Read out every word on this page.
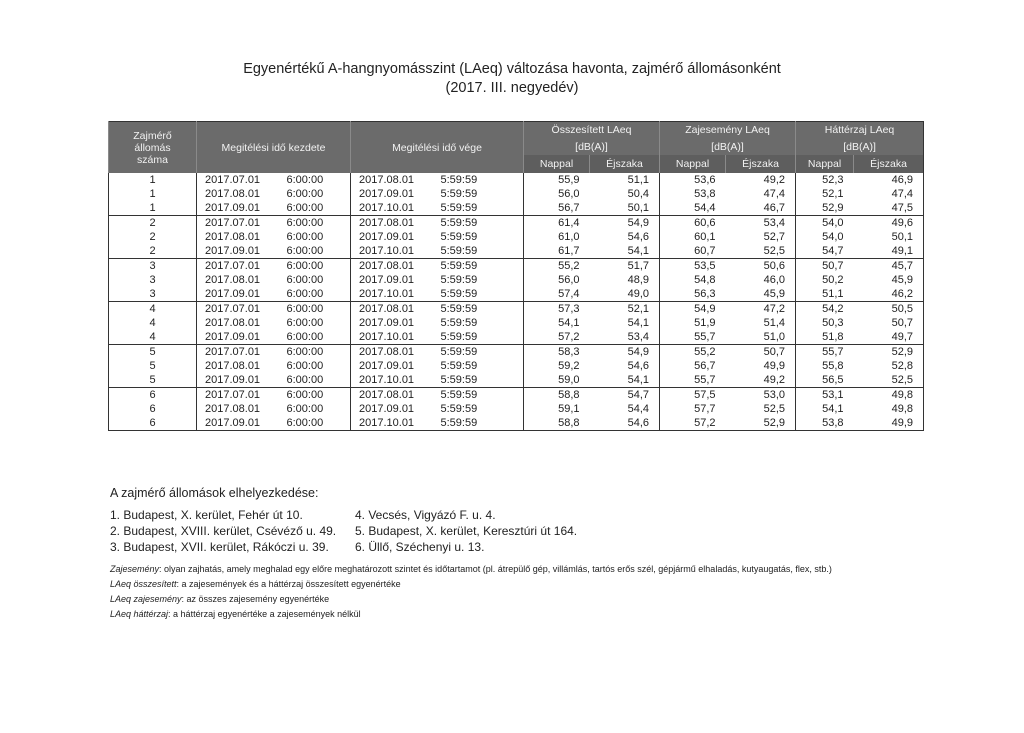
Egyenértékű A-hangnyomásszint (LAeq) változása havonta, zajmérő állomásonként
(2017. III. negyedév)
Zajmérő
állomás
száma	Megitélési idő kezdete		Megitélési idő vége		Összesített LAeq		Zajesemény LAeq		Háttérzaj LAeq	
					[dB(A)]		[dB(A)]		[dB(A)]	
					Nappal	Éjszaka	Nappal	Éjszaka	Nappal	Éjszaka
1	2017.07.01	6:00:00	2017.08.01	5:59:59	55,9	51,1	53,6	49,2	52,3	46,9
1	2017.08.01	6:00:00	2017.09.01	5:59:59	56,0	50,4	53,8	47,4	52,1	47,4
1	2017.09.01	6:00:00	2017.10.01	5:59:59	56,7	50,1	54,4	46,7	52,9	47,5
2	2017.07.01	6:00:00	2017.08.01	5:59:59	61,4	54,9	60,6	53,4	54,0	49,6
2	2017.08.01	6:00:00	2017.09.01	5:59:59	61,0	54,6	60,1	52,7	54,0	50,1
2	2017.09.01	6:00:00	2017.10.01	5:59:59	61,7	54,1	60,7	52,5	54,7	49,1
3	2017.07.01	6:00:00	2017.08.01	5:59:59	55,2	51,7	53,5	50,6	50,7	45,7
3	2017.08.01	6:00:00	2017.09.01	5:59:59	56,0	48,9	54,8	46,0	50,2	45,9
3	2017.09.01	6:00:00	2017.10.01	5:59:59	57,4	49,0	56,3	45,9	51,1	46,2
4	2017.07.01	6:00:00	2017.08.01	5:59:59	57,3	52,1	54,9	47,2	54,2	50,5
4	2017.08.01	6:00:00	2017.09.01	5:59:59	54,1	54,1	51,9	51,4	50,3	50,7
4	2017.09.01	6:00:00	2017.10.01	5:59:59	57,2	53,4	55,7	51,0	51,8	49,7
5	2017.07.01	6:00:00	2017.08.01	5:59:59	58,3	54,9	55,2	50,7	55,7	52,9
5	2017.08.01	6:00:00	2017.09.01	5:59:59	59,2	54,6	56,7	49,9	55,8	52,8
5	2017.09.01	6:00:00	2017.10.01	5:59:59	59,0	54,1	55,7	49,2	56,5	52,5
6	2017.07.01	6:00:00	2017.08.01	5:59:59	58,8	54,7	57,5	53,0	53,1	49,8
6	2017.08.01	6:00:00	2017.09.01	5:59:59	59,1	54,4	57,7	52,5	54,1	49,8
6	2017.09.01	6:00:00	2017.10.01	5:59:59	58,8	54,6	57,2	52,9	53,8	49,9
A zajmérő állomások elhelyezkedése:
1. Budapest, X. kerület, Fehér út 10.
2. Budapest, XVIII. kerület, Csévéző u. 49.
3. Budapest, XVII. kerület, Rákóczi u. 39.
4. Vecsés, Vigyázó F. u. 4.
5. Budapest, X. kerület, Keresztúri út 164.
6. Üllő, Széchenyi u. 13.
Zajesemény: olyan zajhatás, amely meghalad egy előre meghatározott szintet és időtartamot (pl. átrepülő gép, villámlás, tartós erős szél, gépjármű elhaladás, kutyaugatás, flex, stb.)
LAeq összesített: a zajesemények és a háttérzaj összesített egyenértéke
LAeq zajesemény: az összes zajesemény egyenértéke
LAeq háttérzaj: a háttérzaj egyenértéke a zajesemények nélkül
